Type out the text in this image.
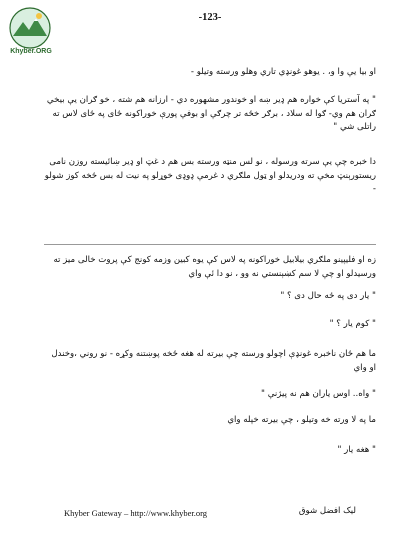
Khyber.ORG
-123-
او بيا يې وا و، . يوهو غونډي تاري وهلو ورسته وتيلو -
" په آستريا کې خواره هم ډير ښه او خوندور مشهوره دي - ارزانه هم شته ، خو ګران يې بيخي ګران هم وي- ګوا له سلاد ، برګر خځه تر چرګې او بوفې پورې خوراکونه ځای په ځای لاس ته راتلی شي "
دا خبره چې يې سرته ورسوله ، نو لس منټه ورسته بس هم د غټ او ډير ښائيسته روزن نامی ريستورېنټ مخې ته ودريدلو او ټول ملګري د غرمې ډوډی خوړلو په نيت له بس ځخه کوز شولو -
زه او فليپينو ملګري بيلابيل خوراکونه په لاس کې يوه کبين وزمه کونج کې پروت خالی ميز ته ورسيدلو او چې لا سم کښېنستي نه وو ، نو دا ئې واي
" يار دی په ځه حال دی ؟ "
" کوم يار ؟ "
ما هم ځان ناخبره غونډې اچولو ورسته چې بيرته له هغه ځخه پوښتنه وکړه - نو روني ،وخندل او واي
" واه.. اوس ياران هم نه پيژنې "
ما په لا ورته خه وتيلو ، چې بيرته خپله واي
" هغه يار "
Khyber Gateway – http://www.khyber.org	ليک افضل شوق
